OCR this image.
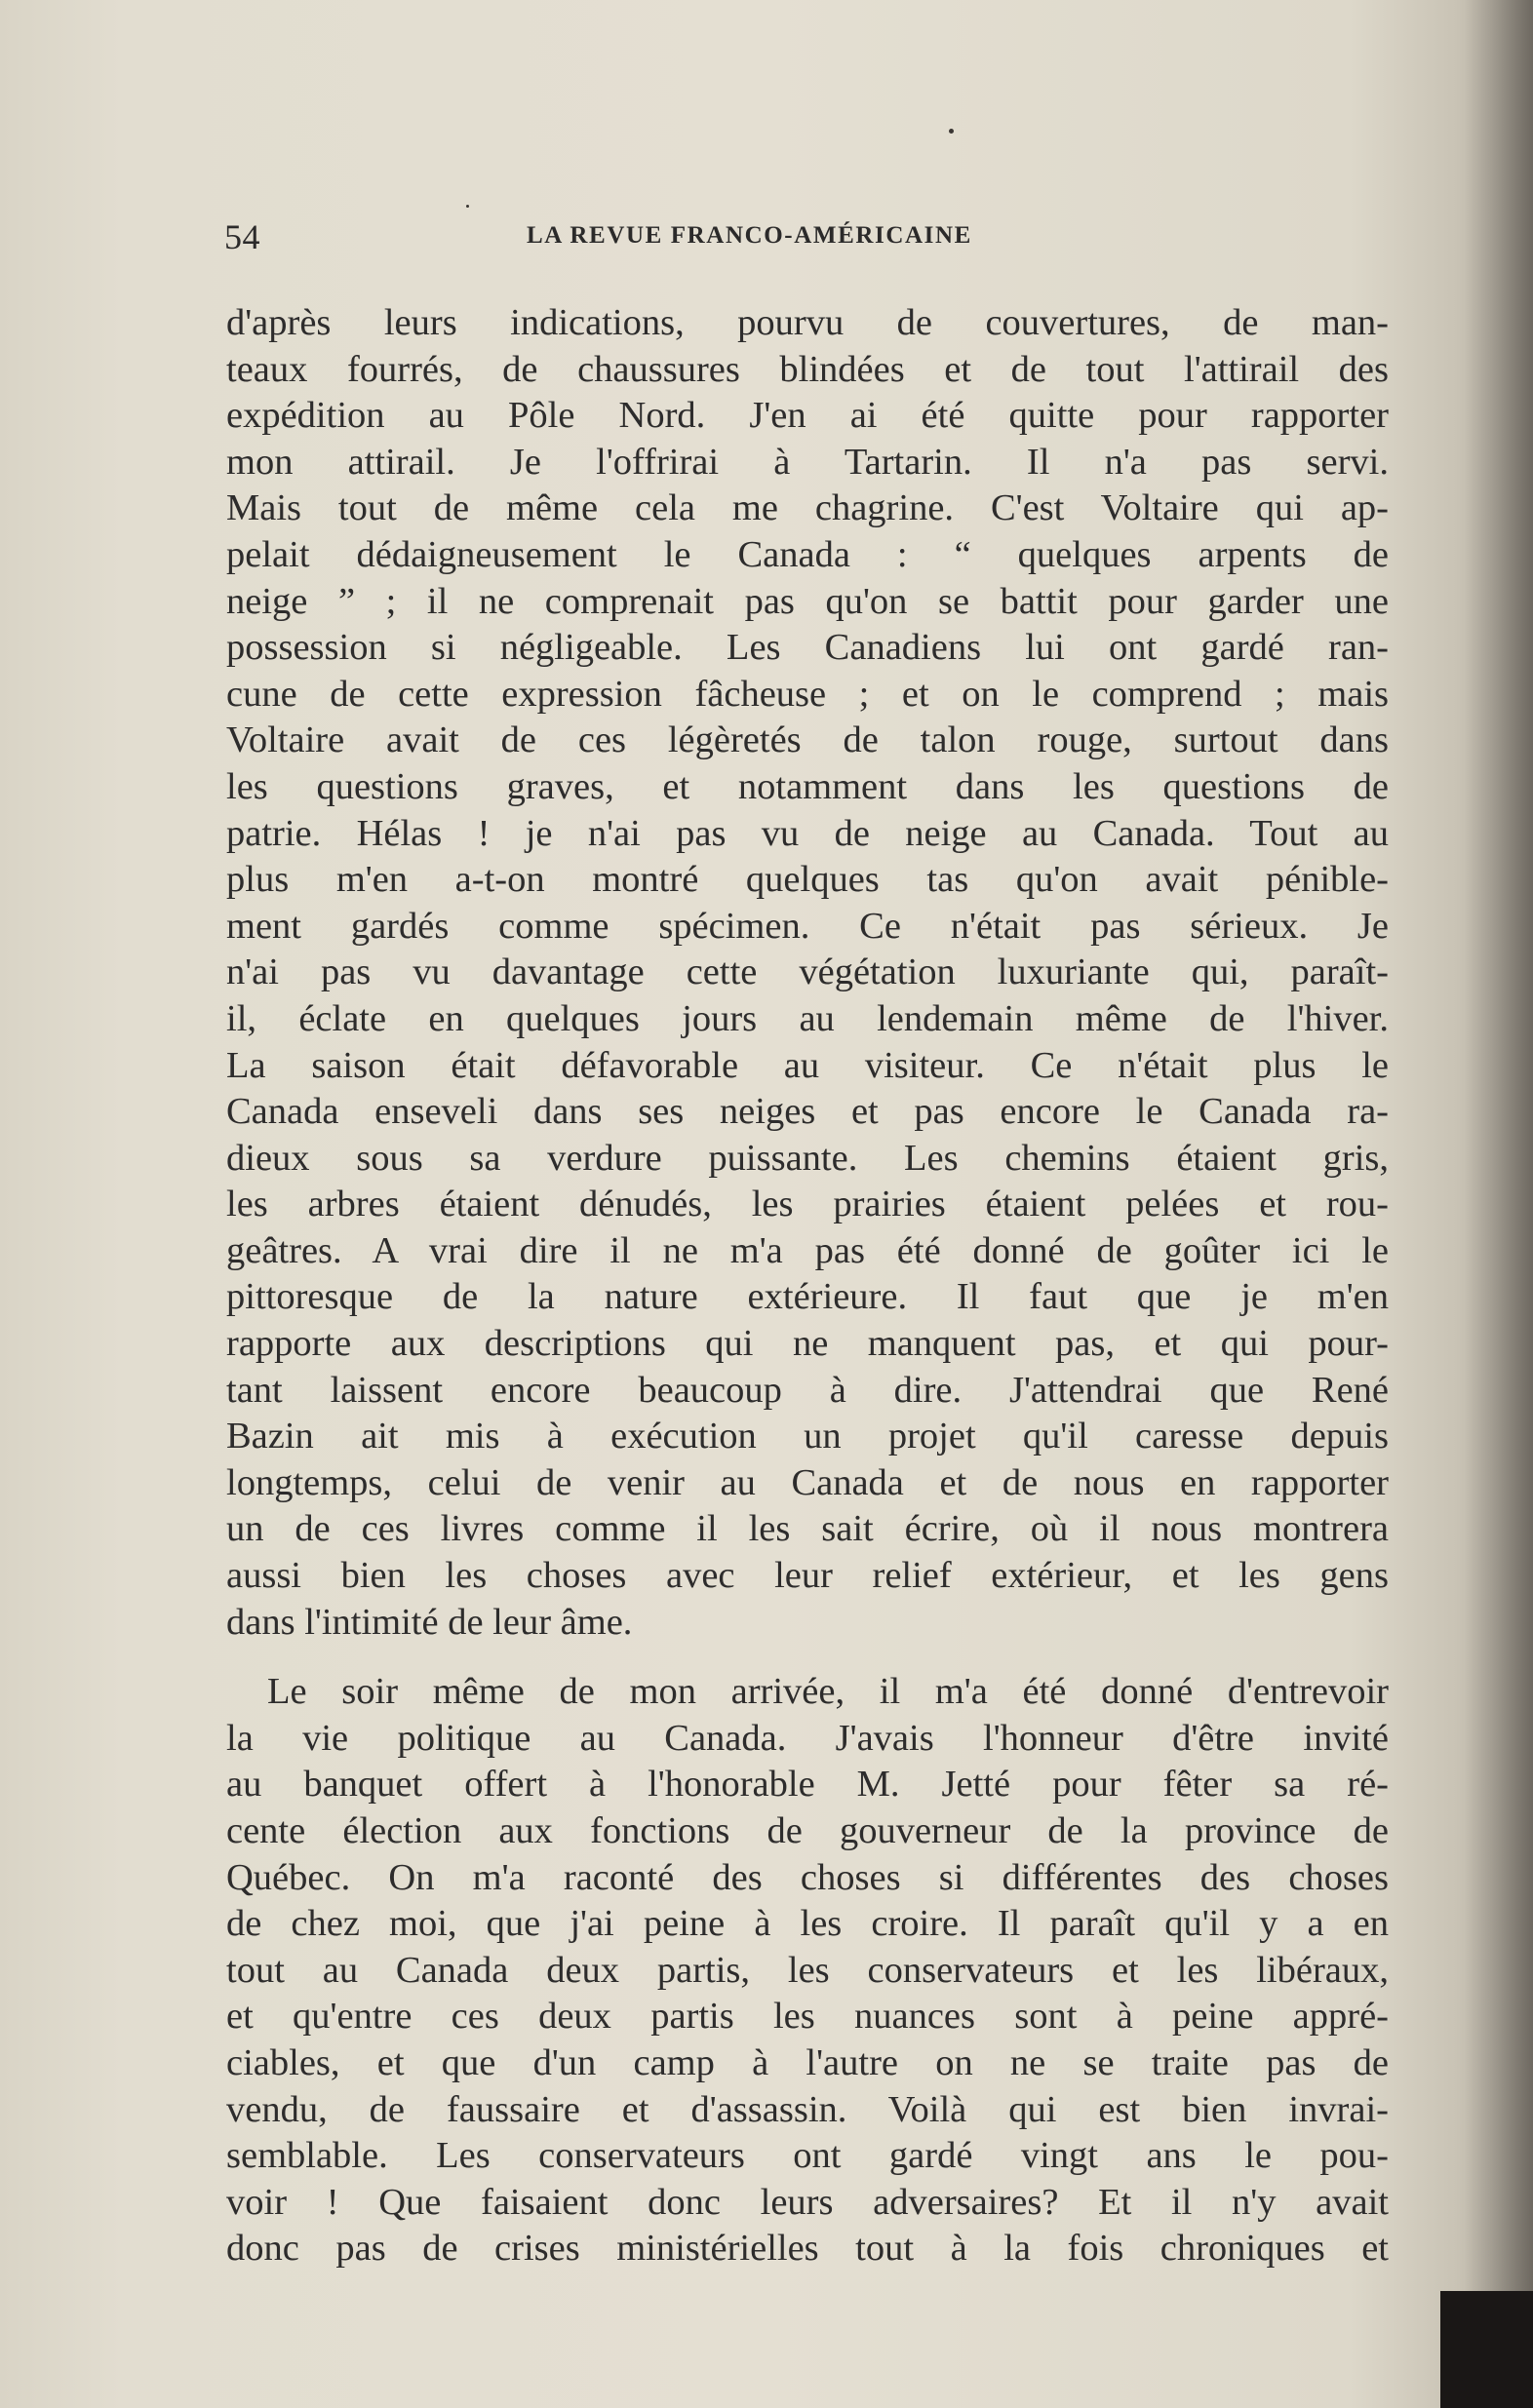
54	LA REVUE FRANCO-AMÉRICAINE
d'après leurs indications, pourvu de couvertures, de man-
teaux fourrés, de chaussures blindées et de tout l'attirail des
expédition au Pôle Nord. J'en ai été quitte pour rapporter
mon attirail. Je l'offrirai à Tartarin. Il n'a pas servi.
Mais tout de même cela me chagrine. C'est Voltaire qui ap-
pelait dédaigneusement le Canada : “ quelques arpents de
neige ” ; il ne comprenait pas qu'on se battit pour garder une
possession si négligeable. Les Canadiens lui ont gardé ran-
cune de cette expression fâcheuse ; et on le comprend ; mais
Voltaire avait de ces légèretés de talon rouge, surtout dans
les questions graves, et notamment dans les questions de
patrie. Hélas ! je n'ai pas vu de neige au Canada. Tout au
plus m'en a-t-on montré quelques tas qu'on avait pénible-
ment gardés comme spécimen. Ce n'était pas sérieux. Je
n'ai pas vu davantage cette végétation luxuriante qui, paraît-
il, éclate en quelques jours au lendemain même de l'hiver.
La saison était défavorable au visiteur. Ce n'était plus le
Canada enseveli dans ses neiges et pas encore le Canada ra-
dieux sous sa verdure puissante. Les chemins étaient gris,
les arbres étaient dénudés, les prairies étaient pelées et rou-
geâtres. A vrai dire il ne m'a pas été donné de goûter ici le
pittoresque de la nature extérieure. Il faut que je m'en
rapporte aux descriptions qui ne manquent pas, et qui pour-
tant laissent encore beaucoup à dire. J'attendrai que René
Bazin ait mis à exécution un projet qu'il caresse depuis
longtemps, celui de venir au Canada et de nous en rapporter
un de ces livres comme il les sait écrire, où il nous montrera
aussi bien les choses avec leur relief extérieur, et les gens
dans l'intimité de leur âme.
Le soir même de mon arrivée, il m'a été donné d'entrevoir
la vie politique au Canada. J'avais l'honneur d'être invité
au banquet offert à l'honorable M. Jetté pour fêter sa ré-
cente élection aux fonctions de gouverneur de la province de
Québec. On m'a raconté des choses si différentes des choses
de chez moi, que j'ai peine à les croire. Il paraît qu'il y a en
tout au Canada deux partis, les conservateurs et les libéraux,
et qu'entre ces deux partis les nuances sont à peine appré-
ciables, et que d'un camp à l'autre on ne se traite pas de
vendu, de faussaire et d'assassin. Voilà qui est bien invrai-
semblable. Les conservateurs ont gardé vingt ans le pou-
voir ! Que faisaient donc leurs adversaires? Et il n'y avait
donc pas de crises ministérielles tout à la fois chroniques et
